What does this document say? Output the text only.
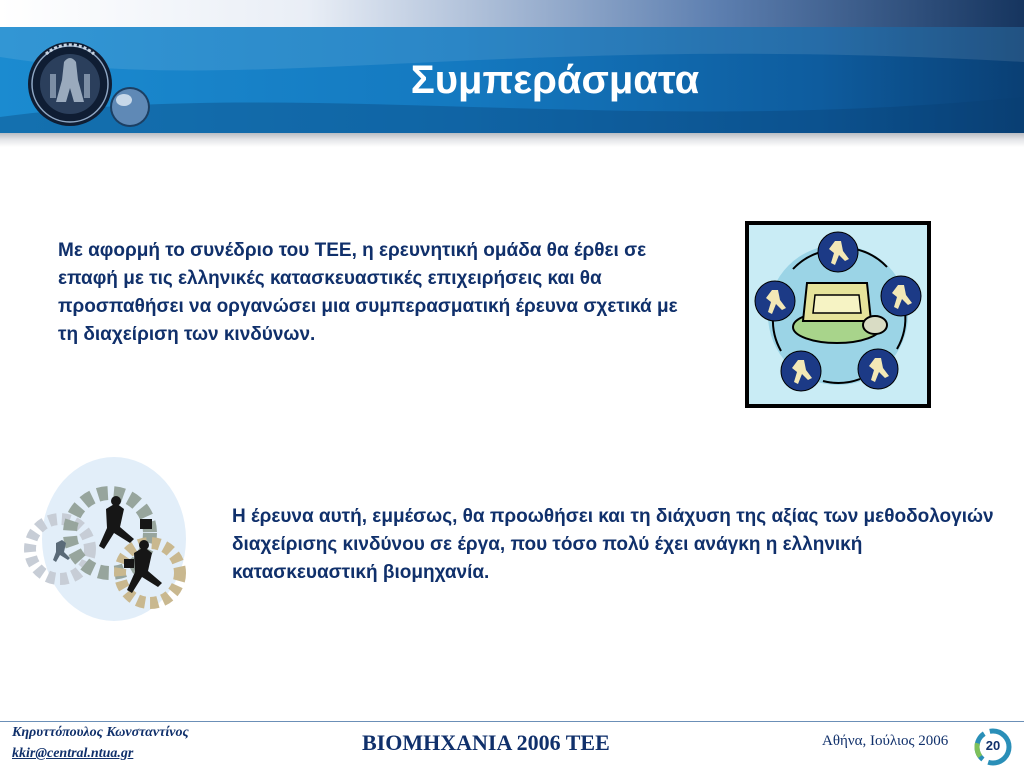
Συμπεράσματα

Με αφορμή το συνέδριο του ΤΕΕ, η ερευνητική ομάδα θα έρθει σε επαφή με τις ελληνικές κατασκευαστικές επιχειρήσεις και θα προσπαθήσει να οργανώσει μια συμπερασματική έρευνα σχετικά με τη διαχείριση των κινδύνων.

Η έρευνα αυτή, εμμέσως, θα προωθήσει και τη διάχυση της αξίας των μεθοδολογιών διαχείρισης κινδύνου σε έργα, που τόσο πολύ έχει ανάγκη η ελληνική κατασκευαστική βιομηχανία.

Κηρυττόπουλος Κωνσταντίνος

kkir@central.ntua.gr	ΒΙΟΜΗΧΑΝΙΑ 2006 ΤΕΕ	Αθήνα, Ιούλιος 2006	20
